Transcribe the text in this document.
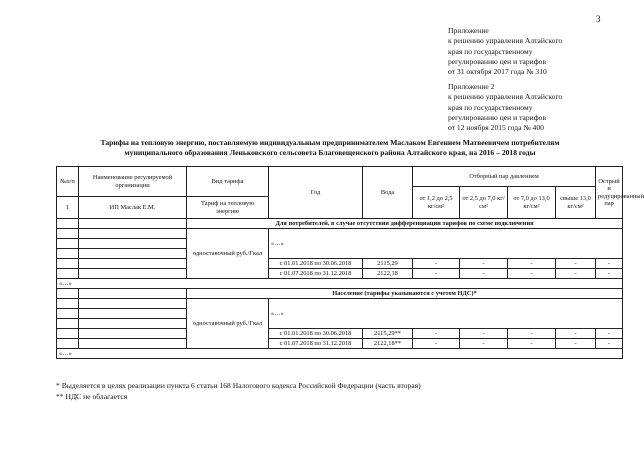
3
Приложение
к решению управления Алтайского
края по государственному
регулированию цен и тарифов
от 31 октября 2017 года № 310
Приложение 2
к решению управления Алтайского
края по государственному
регулированию цен и тарифов
от 12 ноября 2015 года № 400
Тарифы на тепловую энергию, поставляемую индивидуальным предпринимателем Маслаком Евгением Матвеевичем потребителям
муниципального образования Леньковского сельсовета Благовещенского района Алтайского края, на 2016 – 2018 годы
№п/п	Наименование регулируемой организации	Вид тарифа	Год	Вода	Отборный пар давлением				Острый и редуцированный пар
					от 1,2 до 2,5 кг/см²	от 2,5 до 7,0 кг/см²	от 7,0 до 13,0 кг/см²	свыше 13,0 кг/см²	
1	ИП Маслак Е.М.	Тариф на тепловую энергию							
		Для потребителей, в случае отсутствия дифференциации тарифов по схеме подключения							
		одноставочный руб./Гкал							
			«…»						

			с 01.01.2018 по 30.06.2018	2115,29	-	-	-	-	-
			с 01.07.2018 по 31.12.2018	2122,18	-	-	-	-	-
«…»									
		Население (тарифы указываются с учетом НДС)*							
		одноставочный руб./Гкал							
			«…»						

			с 01.01.2018 по 30.06.2018	2115,29**	-	-	-	-	-
			с 01.07.2018 по 31.12.2018	2122,18**	-	-	-	-	-
«…»									
* Выделяется в целях реализации пункта 6 статьи 168 Налогового кодекса Российской Федерации (часть вторая)
** НДС не облагается
